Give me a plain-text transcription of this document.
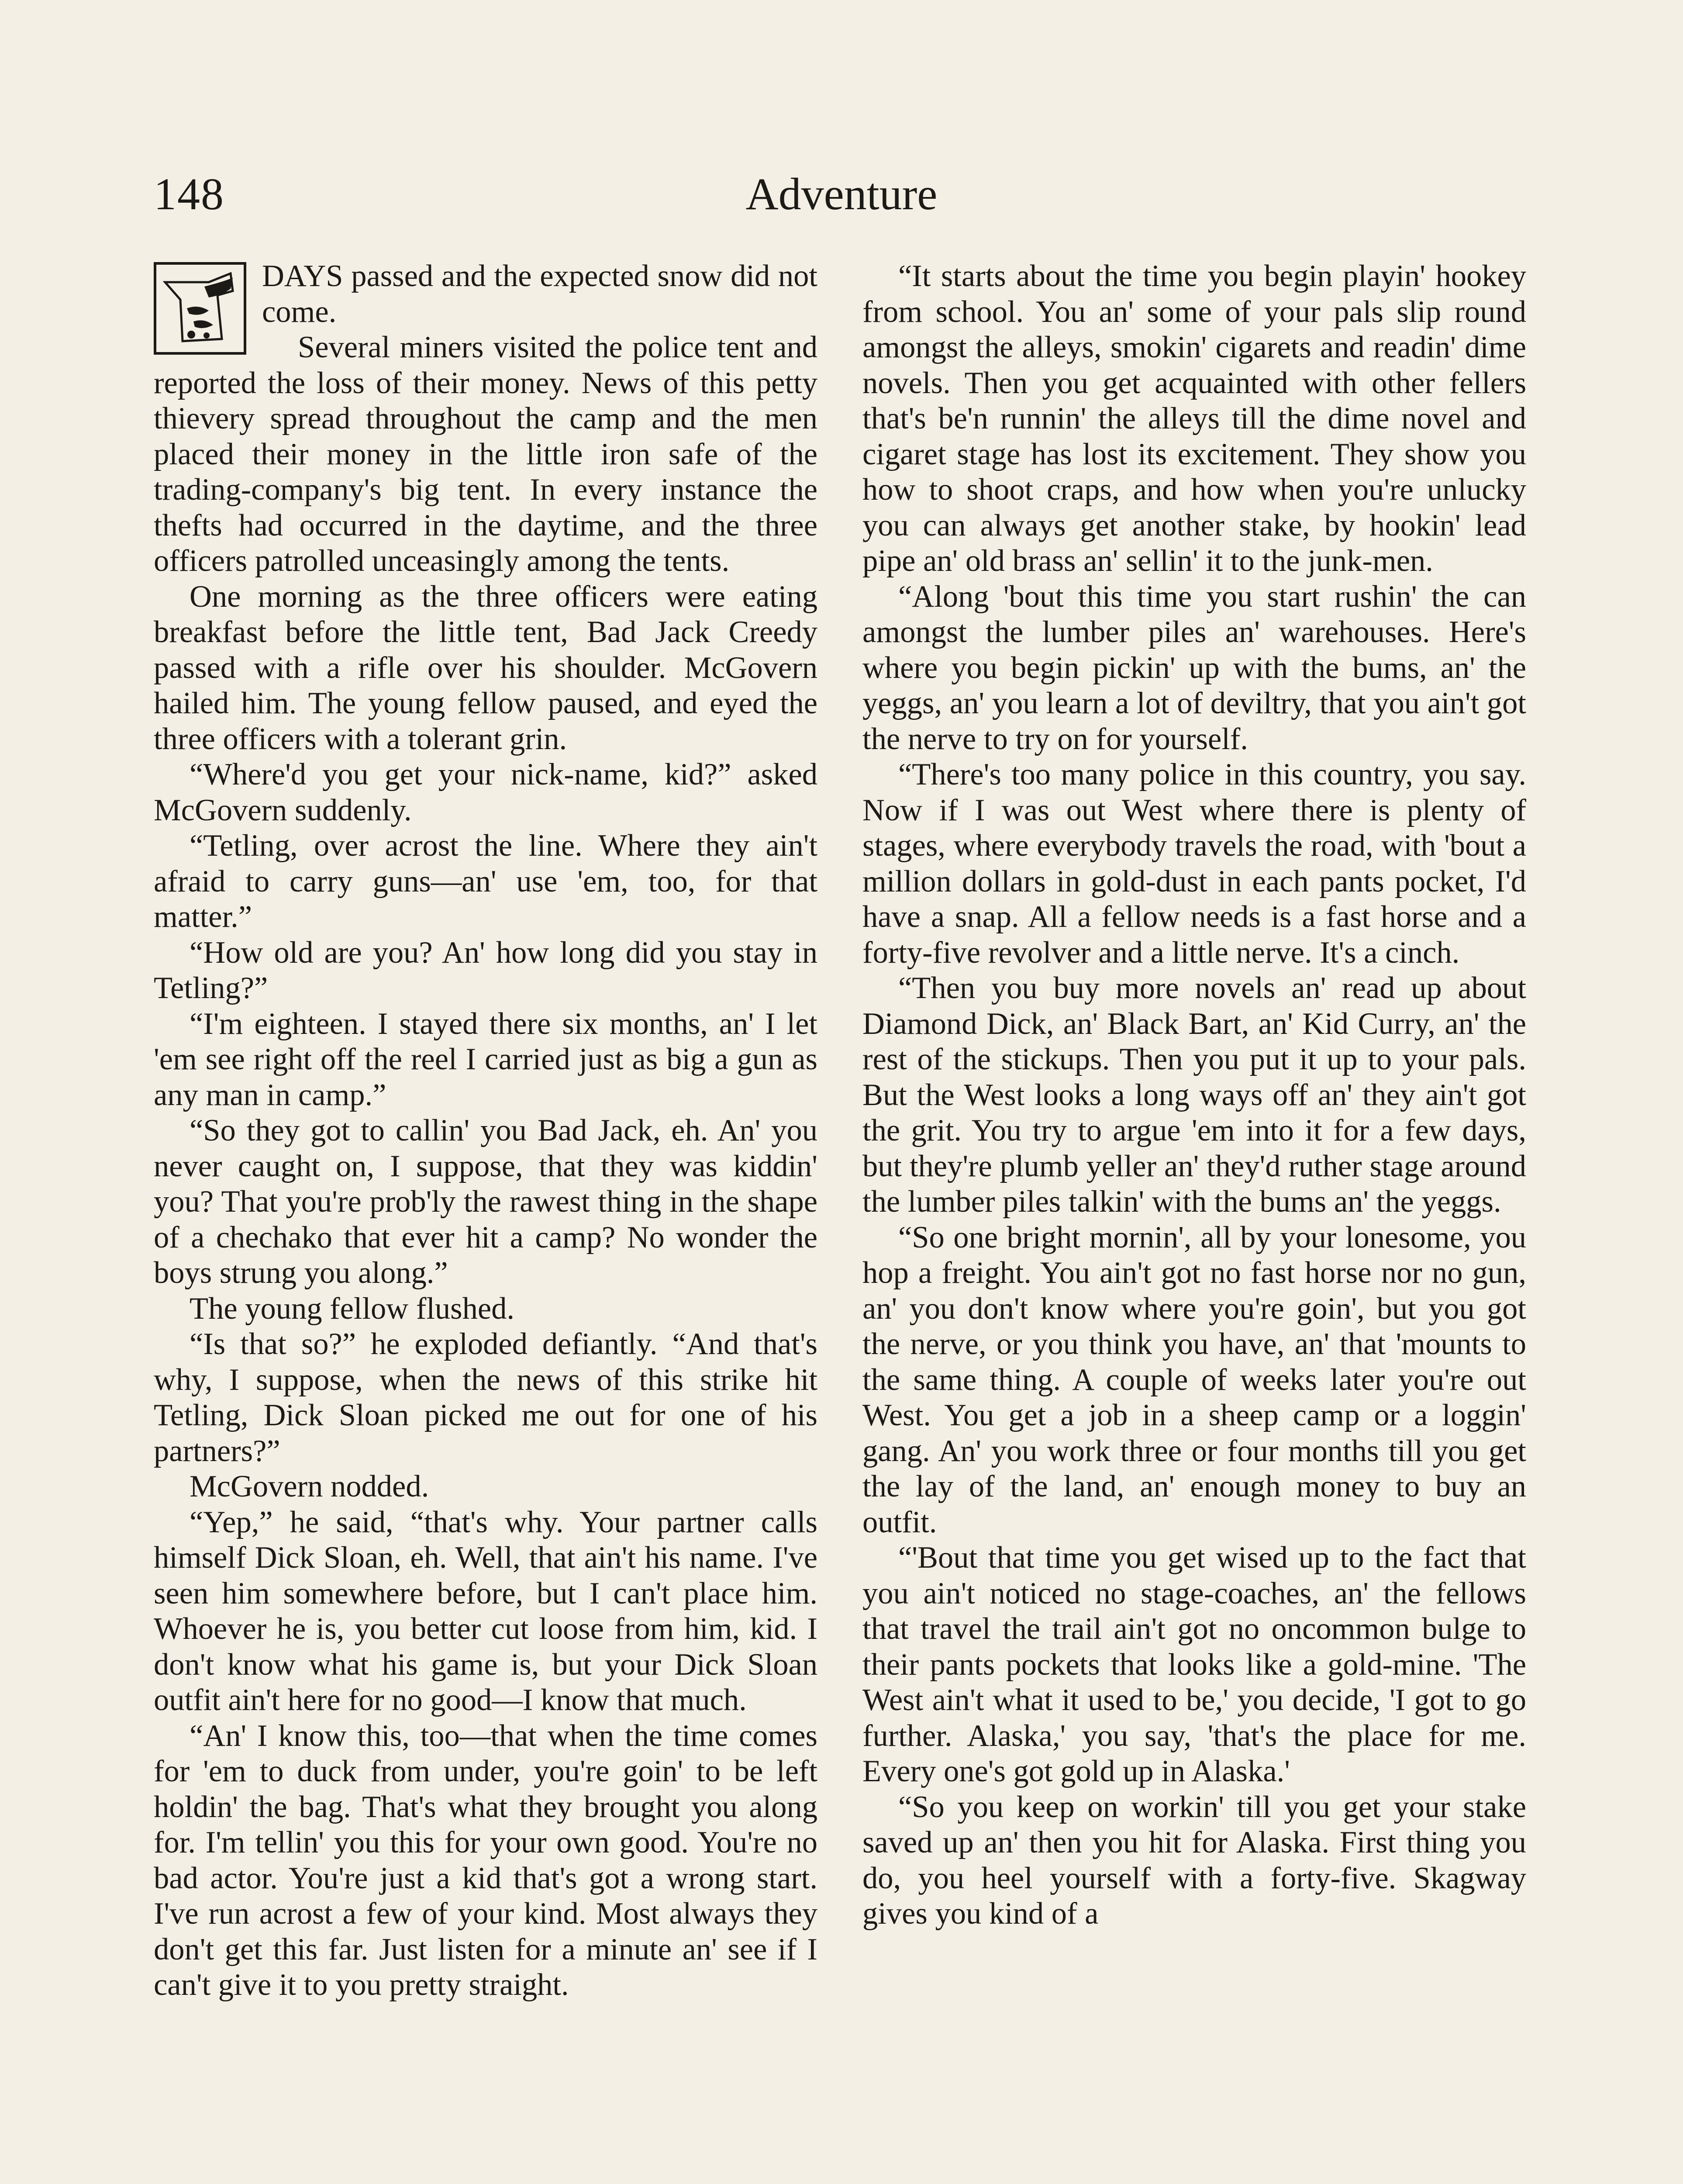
148	Adventure

DAYS passed and the expected snow did not come.

Several miners visited the police tent and reported the loss of their money. News of this petty thievery spread throughout the camp and the men placed their money in the little iron safe of the trading-company's big tent. In every instance the thefts had occurred in the daytime, and the three officers patrolled unceasingly among the tents.

One morning as the three officers were eating breakfast before the little tent, Bad Jack Creedy passed with a rifle over his shoulder. McGovern hailed him. The young fellow paused, and eyed the three officers with a tolerant grin.

“Where'd you get your nick-name, kid?” asked McGovern suddenly.

“Tetling, over acrost the line. Where they ain't afraid to carry guns—an' use 'em, too, for that matter.”

“How old are you? An' how long did you stay in Tetling?”

“I'm eighteen. I stayed there six months, an' I let 'em see right off the reel I carried just as big a gun as any man in camp.”

“So they got to callin' you Bad Jack, eh. An' you never caught on, I suppose, that they was kiddin' you? That you're prob'ly the rawest thing in the shape of a chechako that ever hit a camp? No wonder the boys strung you along.”

The young fellow flushed.

“Is that so?” he exploded defiantly. “And that's why, I suppose, when the news of this strike hit Tetling, Dick Sloan picked me out for one of his partners?”

McGovern nodded.

“Yep,” he said, “that's why. Your partner calls himself Dick Sloan, eh. Well, that ain't his name. I've seen him somewhere before, but I can't place him. Whoever he is, you better cut loose from him, kid. I don't know what his game is, but your Dick Sloan outfit ain't here for no good—I know that much.

“An' I know this, too—that when the time comes for 'em to duck from under, you're goin' to be left holdin' the bag. That's what they brought you along for. I'm tellin' you this for your own good. You're no bad actor. You're just a kid that's got a wrong start. I've run acrost a few of your kind. Most always they don't get this far. Just listen for a minute an' see if I can't give it to you pretty straight.

“It starts about the time you begin playin' hookey from school. You an' some of your pals slip round amongst the alleys, smokin' cigarets and readin' dime novels. Then you get acquainted with other fellers that's be'n runnin' the alleys till the dime novel and cigaret stage has lost its excitement. They show you how to shoot craps, and how when you're unlucky you can always get another stake, by hookin' lead pipe an' old brass an' sellin' it to the junk-men.

“Along 'bout this time you start rushin' the can amongst the lumber piles an' warehouses. Here's where you begin pickin' up with the bums, an' the yeggs, an' you learn a lot of deviltry, that you ain't got the nerve to try on for yourself.

“There's too many police in this country, you say. Now if I was out West where there is plenty of stages, where everybody travels the road, with 'bout a million dollars in gold-dust in each pants pocket, I'd have a snap. All a fellow needs is a fast horse and a forty-five revolver and a little nerve. It's a cinch.

“Then you buy more novels an' read up about Diamond Dick, an' Black Bart, an' Kid Curry, an' the rest of the stickups. Then you put it up to your pals. But the West looks a long ways off an' they ain't got the grit. You try to argue 'em into it for a few days, but they're plumb yeller an' they'd ruther stage around the lumber piles talkin' with the bums an' the yeggs.

“So one bright mornin', all by your lonesome, you hop a freight. You ain't got no fast horse nor no gun, an' you don't know where you're goin', but you got the nerve, or you think you have, an' that 'mounts to the same thing. A couple of weeks later you're out West. You get a job in a sheep camp or a loggin' gang. An' you work three or four months till you get the lay of the land, an' enough money to buy an outfit.

“'Bout that time you get wised up to the fact that you ain't noticed no stage-coaches, an' the fellows that travel the trail ain't got no oncommon bulge to their pants pockets that looks like a gold-mine. 'The West ain't what it used to be,' you decide, 'I got to go further. Alaska,' you say, 'that's the place for me. Every one's got gold up in Alaska.'

“So you keep on workin' till you get your stake saved up an' then you hit for Alaska. First thing you do, you heel yourself with a forty-five. Skagway gives you kind of a
